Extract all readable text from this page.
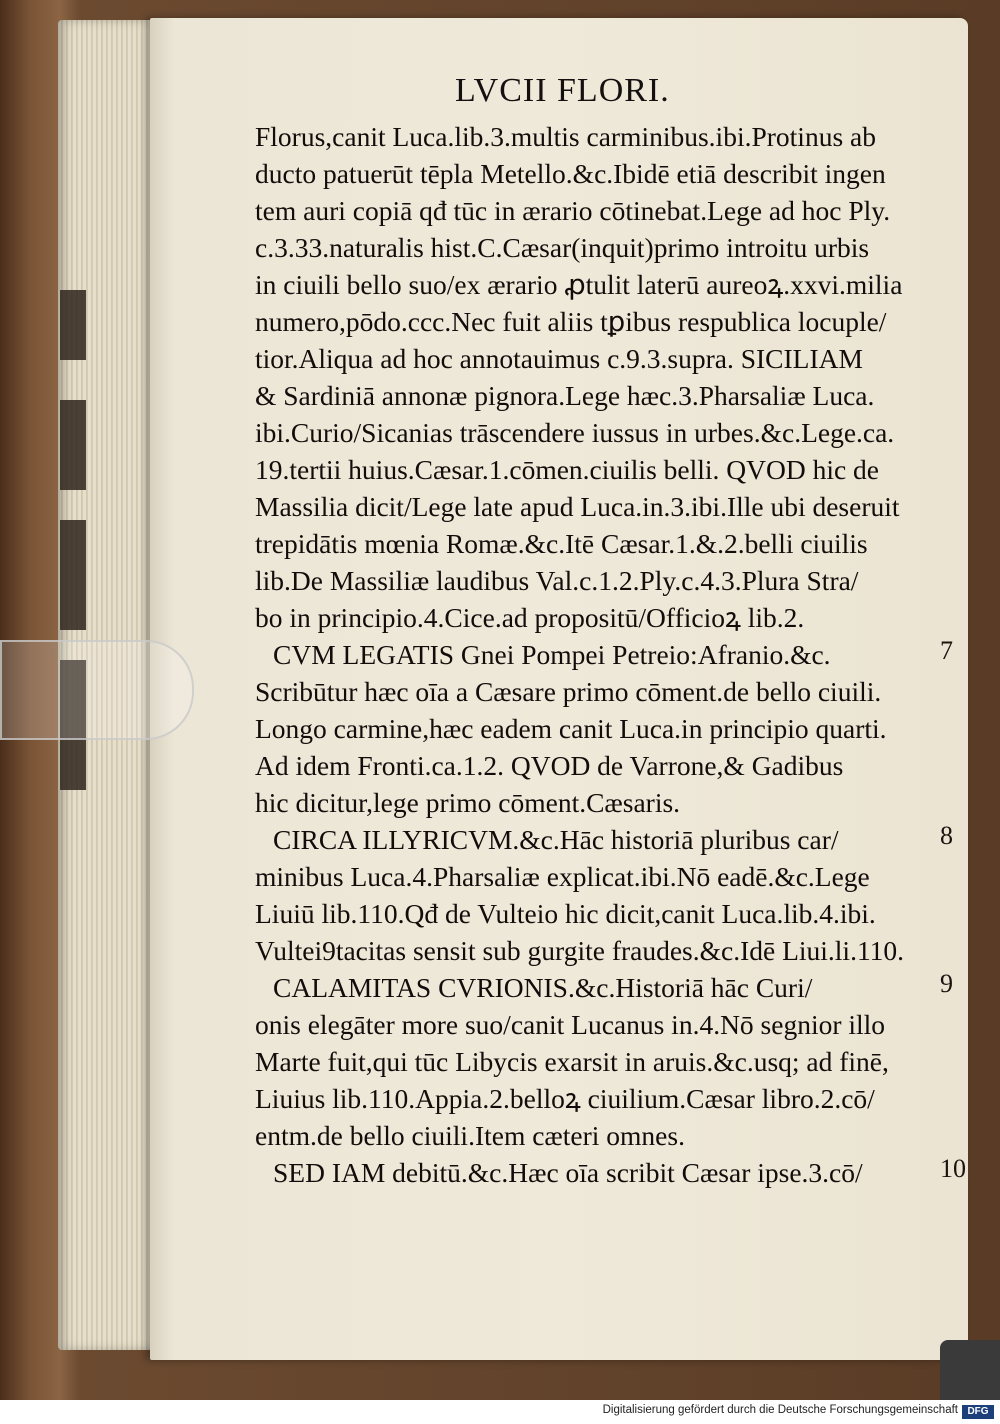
LVCII FLORI.
Florus,canit Luca.lib.3.multis carminibus.ibi.Protinus ab
ducto patuerūt tēpla Metello.&c.Ibidē etiā describit ingen
tem auri copiā qđ tūc in ærario cōtinebat.Lege ad hoc Ply.
c.3.33.naturalis hist.C.Cæsar(inquit)primo introitu urbis
in ciuili bello suo/ex ærario ꝓtulit laterū aureoꝝ.xxvi.milia
numero,pōdo.ccc.Nec fuit aliis tꝑibus respublica locuple/
tior.Aliqua ad hoc annotauimus c.9.3.supra. SICILIAM
& Sardiniā annonæ pignora.Lege hæc.3.Pharsaliæ Luca.
ibi.Curio/Sicanias trāscendere iussus in urbes.&c.Lege.ca.
19.tertii huius.Cæsar.1.cōmen.ciuilis belli. QVOD hic de
Massilia dicit/Lege late apud Luca.in.3.ibi.Ille ubi deseruit
trepidātis mœnia Romæ.&c.Itē Cæsar.1.&.2.belli ciuilis
lib.De Massiliæ laudibus Val.c.1.2.Ply.c.4.3.Plura Stra/
bo in principio.4.Cice.ad propositū/Officioꝝ lib.2.
CVM LEGATIS Gnei Pompei Petreio:Afranio.&c.
Scribūtur hæc oīa a Cæsare primo cōment.de bello ciuili.
Longo carmine,hæc eadem canit Luca.in principio quarti.
Ad idem Fronti.ca.1.2. QVOD de Varrone,& Gadibus
hic dicitur,lege primo cōment.Cæsaris.
CIRCA ILLYRICVM.&c.Hāc historiā pluribus car/
minibus Luca.4.Pharsaliæ explicat.ibi.Nō eadē.&c.Lege
Liuiū lib.110.Qđ de Vulteio hic dicit,canit Luca.lib.4.ibi.
Vultei9tacitas sensit sub gurgite fraudes.&c.Idē Liui.li.110.
CALAMITAS CVRIONIS.&c.Historiā hāc Curi/
onis elegāter more suo/canit Lucanus in.4.Nō segnior illo
Marte fuit,qui tūc Libycis exarsit in aruis.&c.usq; ad finē,
Liuius lib.110.Appia.2.belloꝝ ciuilium.Cæsar libro.2.cō/
entm.de bello ciuili.Item cæteri omnes.
SED IAM debitū.&c.Hæc oīa scribit Cæsar ipse.3.cō/
7
8
9
10
Digitalisierung gefördert durch die Deutsche Forschungsgemeinschaft DFG
